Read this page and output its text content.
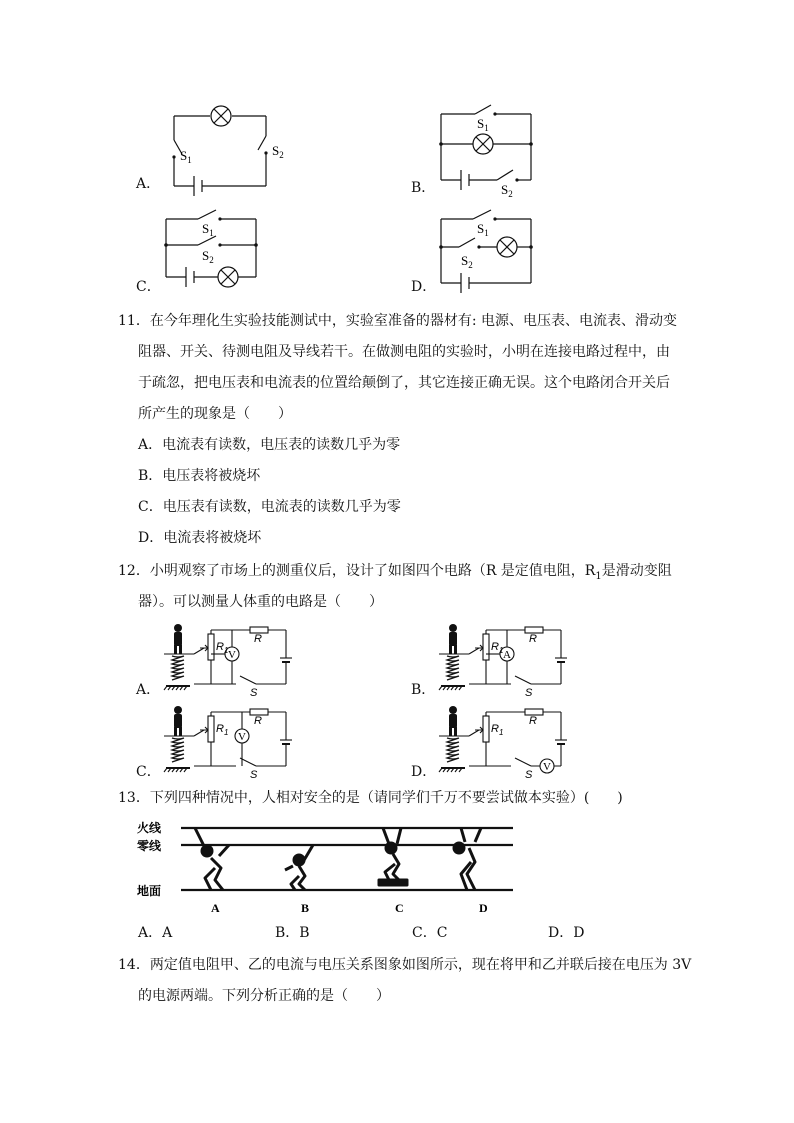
A．
$S_1$
$S_2$
B．
$S_1$
$S_2$
C．
$S_1$
$S_2$
D．
$S_1$
$S_2$
11．在今年理化生实验技能测试中，实验室准备的器材有: 电源、电压表、电流表、滑动变
阻器、开关、待测电阻及导线若干。在做测电阻的实验时，小明在连接电路过程中，由
于疏忽，把电压表和电流表的位置给颠倒了，其它连接正确无误。这个电路闭合开关后
所产生的现象是（　　）
A．电流表有读数，电压表的读数几乎为零
B．电压表将被烧坏
C．电压表有读数，电流表的读数几乎为零
D．电流表将被烧坏
12．小明观察了市场上的测重仪后，设计了如图四个电路（R 是定值电阻，$R_1$是滑动变阻
器）。可以测量人体重的电路是（　　）
A．
V
$R_1$
R
S	B．
A
$R_1$
R
S
C．
V
$R_1$
R
S	D．	V
$R_1$
R
S
13．下列四种情况中，人相对安全的是（请同学们千万不要尝试做本实验）(　　)
火线
零线
地面
A	B	C	D
A．A	B．B	C．C	D．D
14．两定值电阻甲、乙的电流与电压关系图象如图所示，现在将甲和乙并联后接在电压为 3V
的电源两端。下列分析正确的是（　　）
